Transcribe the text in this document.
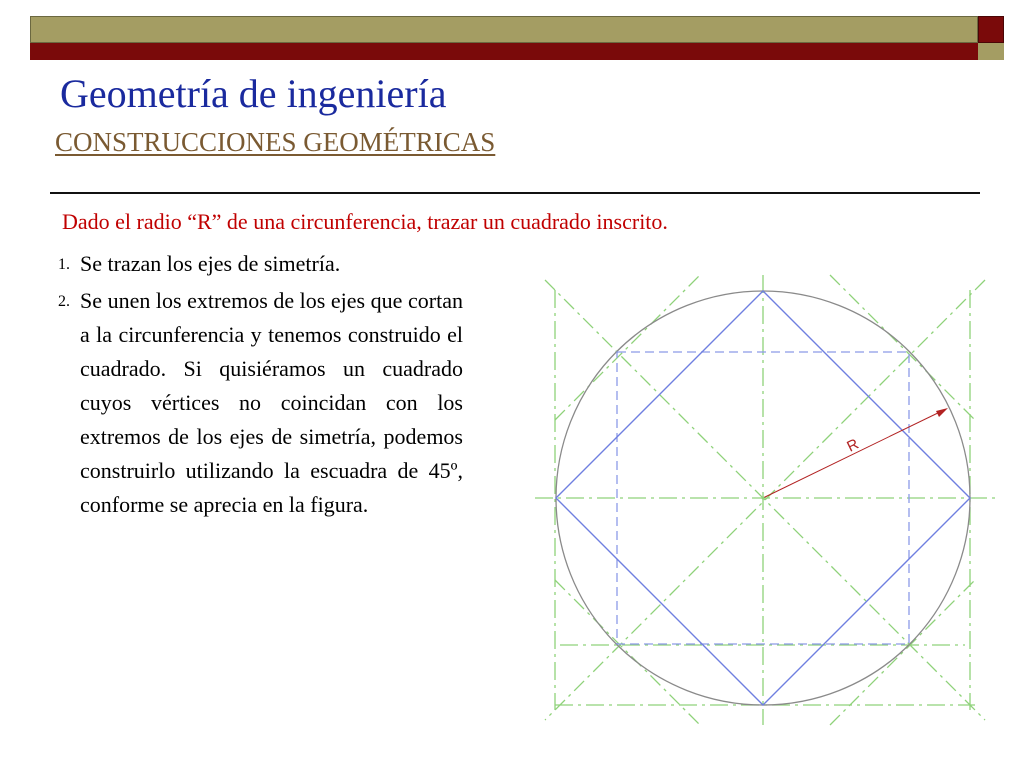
Geometría de ingeniería
CONSTRUCCIONES GEOMÉTRICAS
Dado el radio “R” de una circunferencia, trazar un cuadrado inscrito.
1. Se trazan los ejes de simetría.
2. Se unen los extremos de los ejes que cortan a la circunferencia y tenemos construido el cuadrado. Si quisiéramos un cuadrado cuyos vértices no coincidan con los extremos de los ejes de simetría, podemos construirlo utilizando la escuadra de 45º, conforme se aprecia en la figura.
R
